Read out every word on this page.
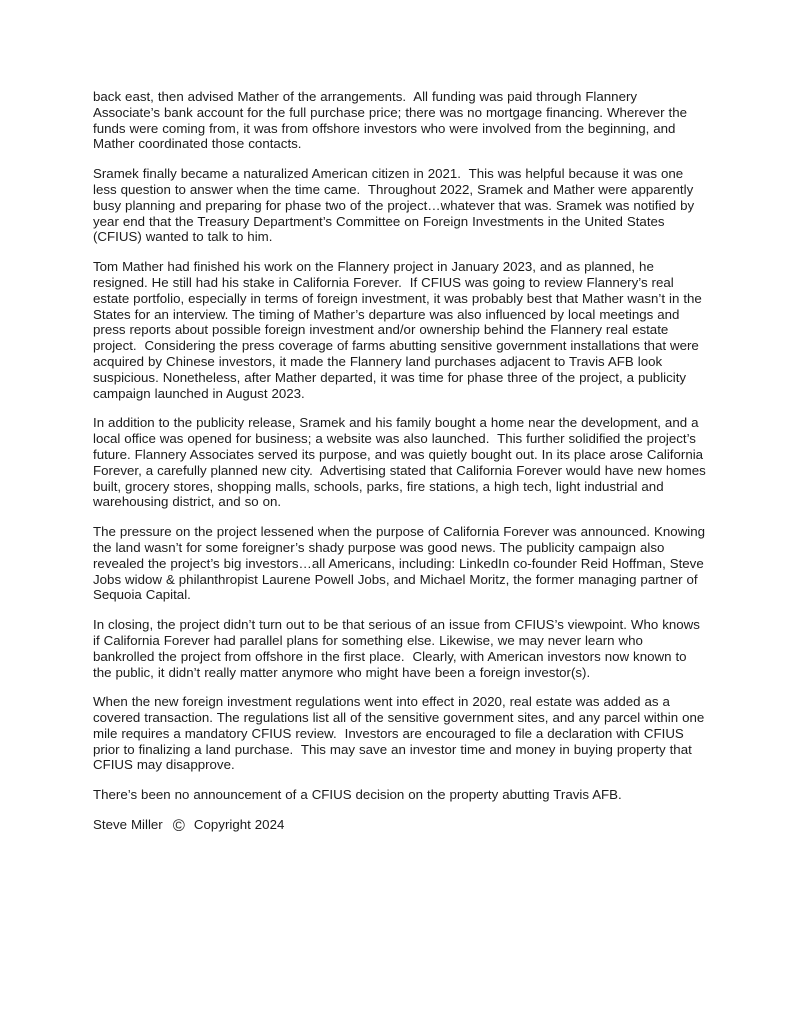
back east, then advised Mather of the arrangements.  All funding was paid through Flannery Associate’s bank account for the full purchase price; there was no mortgage financing. Wherever the funds were coming from, it was from offshore investors who were involved from the beginning, and Mather coordinated those contacts.

Sramek finally became a naturalized American citizen in 2021.  This was helpful because it was one less question to answer when the time came.  Throughout 2022, Sramek and Mather were apparently busy planning and preparing for phase two of the project…whatever that was. Sramek was notified by year end that the Treasury Department’s Committee on Foreign Investments in the United States (CFIUS) wanted to talk to him.

Tom Mather had finished his work on the Flannery project in January 2023, and as planned, he resigned. He still had his stake in California Forever.  If CFIUS was going to review Flannery’s real estate portfolio, especially in terms of foreign investment, it was probably best that Mather wasn’t in the States for an interview. The timing of Mather’s departure was also influenced by local meetings and press reports about possible foreign investment and/or ownership behind the Flannery real estate project.  Considering the press coverage of farms abutting sensitive government installations that were acquired by Chinese investors, it made the Flannery land purchases adjacent to Travis AFB look suspicious. Nonetheless, after Mather departed, it was time for phase three of the project, a publicity campaign launched in August 2023.

In addition to the publicity release, Sramek and his family bought a home near the development, and a local office was opened for business; a website was also launched.  This further solidified the project’s future. Flannery Associates served its purpose, and was quietly bought out. In its place arose California Forever, a carefully planned new city.  Advertising stated that California Forever would have new homes built, grocery stores, shopping malls, schools, parks, fire stations, a high tech, light industrial and warehousing district, and so on.

The pressure on the project lessened when the purpose of California Forever was announced. Knowing the land wasn’t for some foreigner’s shady purpose was good news. The publicity campaign also revealed the project’s big investors…all Americans, including: LinkedIn co-founder Reid Hoffman, Steve Jobs widow & philanthropist Laurene Powell Jobs, and Michael Moritz, the former managing partner of Sequoia Capital.

In closing, the project didn’t turn out to be that serious of an issue from CFIUS’s viewpoint. Who knows if California Forever had parallel plans for something else. Likewise, we may never learn who bankrolled the project from offshore in the first place.  Clearly, with American investors now known to the public, it didn’t really matter anymore who might have been a foreign investor(s).

When the new foreign investment regulations went into effect in 2020, real estate was added as a covered transaction. The regulations list all of the sensitive government sites, and any parcel within one mile requires a mandatory CFIUS review.  Investors are encouraged to file a declaration with CFIUS prior to finalizing a land purchase.  This may save an investor time and money in buying property that CFIUS may disapprove.

There’s been no announcement of a CFIUS decision on the property abutting Travis AFB.

Steve Miller © Copyright 2024
